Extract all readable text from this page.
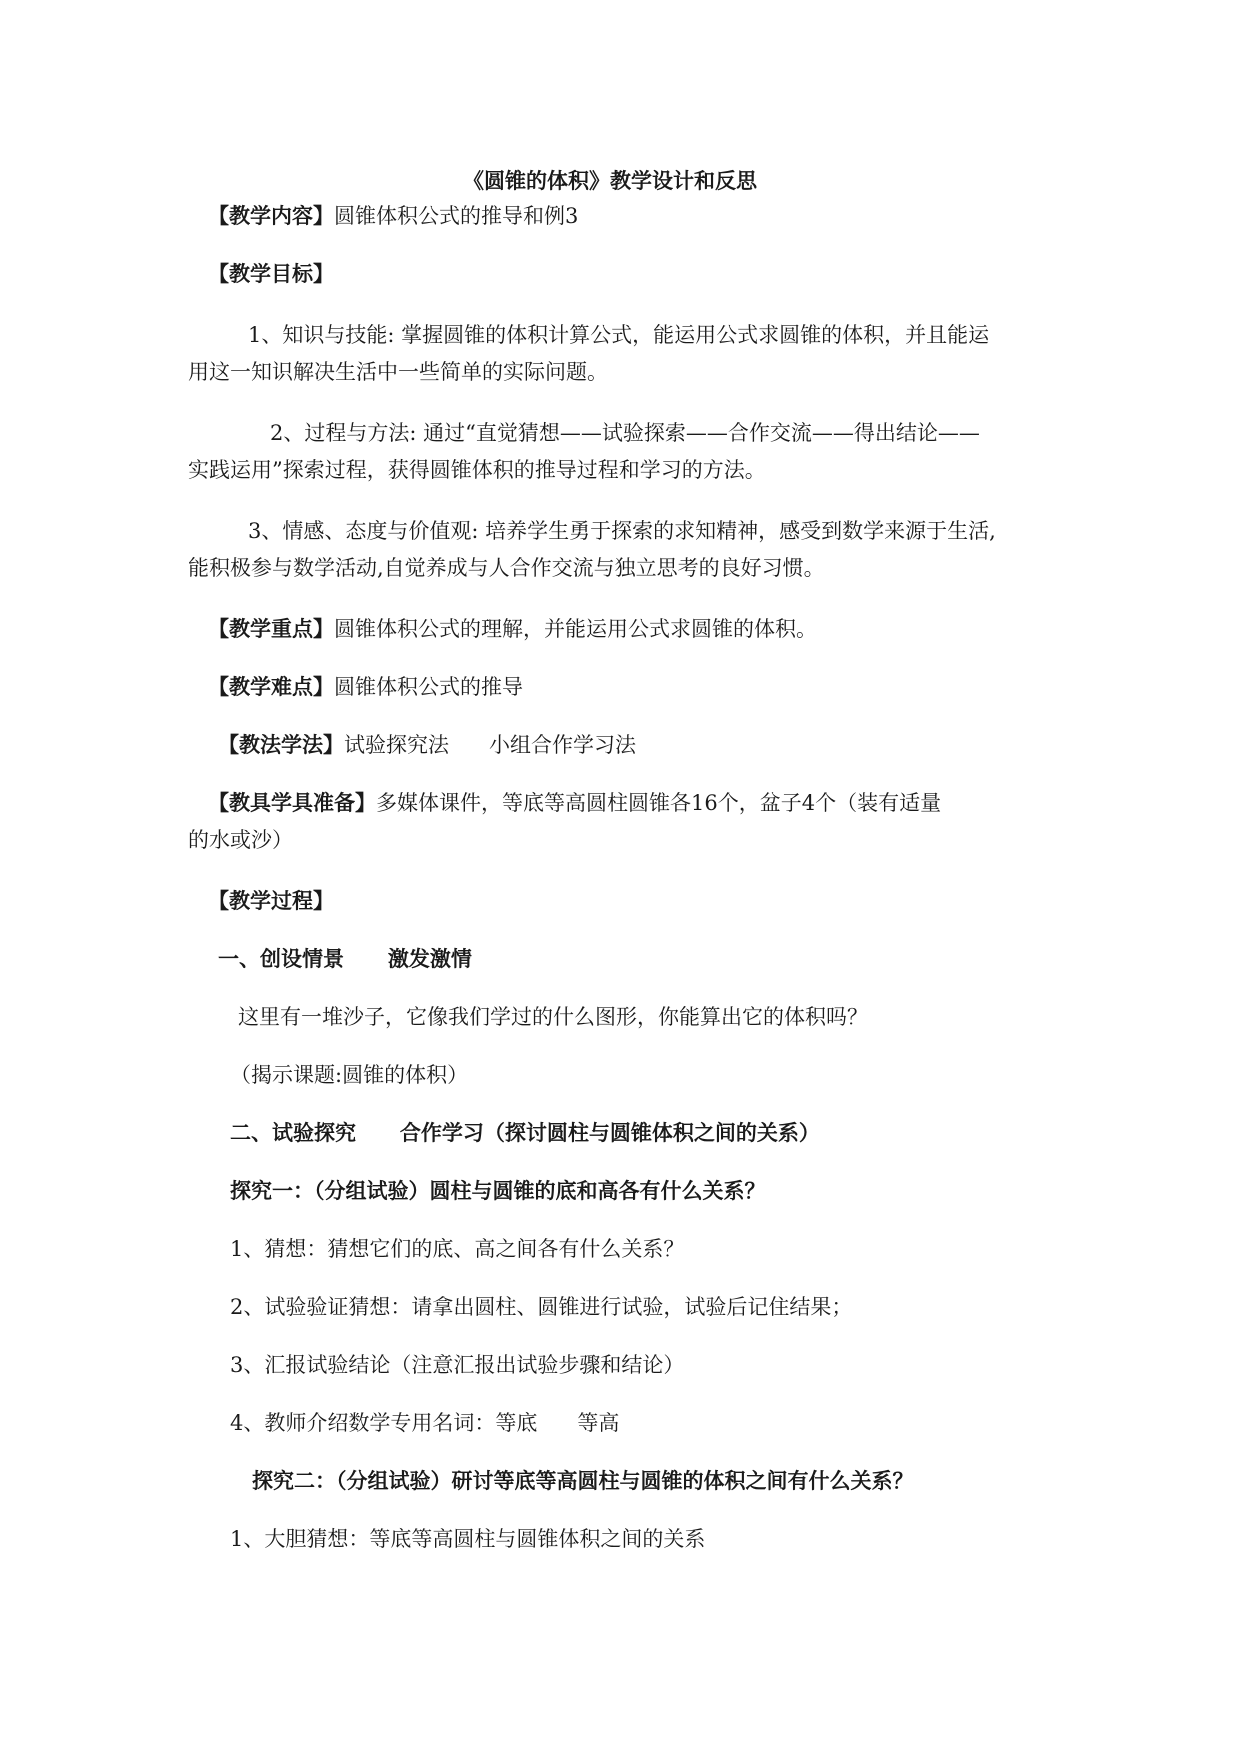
《圆锥的体积》教学设计和反思
【教学内容】圆锥体积公式的推导和例3
【教学目标】
1、知识与技能: 掌握圆锥的体积计算公式，能运用公式求圆锥的体积，并且能运
用这一知识解决生活中一些简单的实际问题。
2、过程与方法: 通过“直觉猜想——试验探索——合作交流——得出结论——
实践运用”探索过程，获得圆锥体积的推导过程和学习的方法。
3、情感、态度与价值观: 培养学生勇于探索的求知精神，感受到数学来源于生活,
能积极参与数学活动,自觉养成与人合作交流与独立思考的良好习惯。
【教学重点】圆锥体积公式的理解，并能运用公式求圆锥的体积。
【教学难点】圆锥体积公式的推导
【教法学法】试验探究法      小组合作学习法
【教具学具准备】多媒体课件，等底等高圆柱圆锥各16个，盆子4个（装有适量
的水或沙）
【教学过程】
一、创设情景      激发激情
这里有一堆沙子，它像我们学过的什么图形，你能算出它的体积吗？
（揭示课题:圆锥的体积）
二、试验探究      合作学习（探讨圆柱与圆锥体积之间的关系）
探究一：（分组试验）圆柱与圆锥的底和高各有什么关系？
1、猜想：猜想它们的底、高之间各有什么关系？
2、试验验证猜想：请拿出圆柱、圆锥进行试验，试验后记住结果；
3、汇报试验结论（注意汇报出试验步骤和结论）
4、教师介绍数学专用名词：等底      等高
探究二：（分组试验）研讨等底等高圆柱与圆锥的体积之间有什么关系？
1、大胆猜想：等底等高圆柱与圆锥体积之间的关系
